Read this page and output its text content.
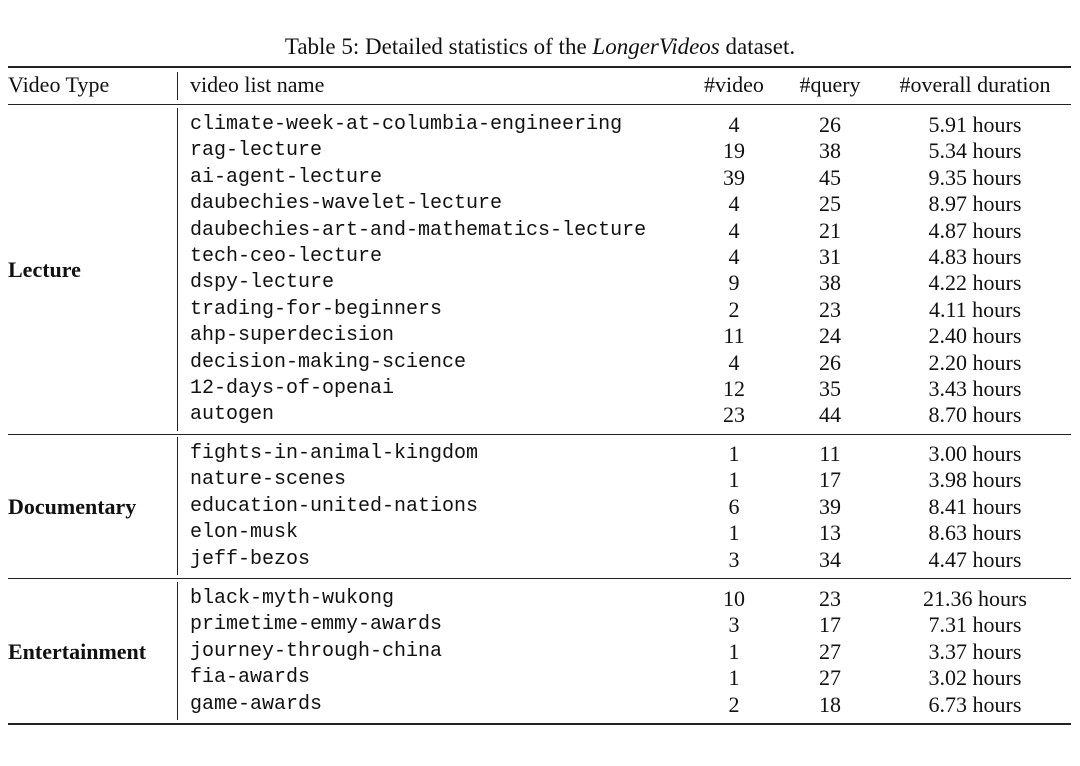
Table 5: Detailed statistics of the LongerVideos dataset.
Video Type	video list name	#video	#query	#overall duration
Lecture
climate-week-at-columbia-engineering	4	26	5.91 hours
rag-lecture	19	38	5.34 hours
ai-agent-lecture	39	45	9.35 hours
daubechies-wavelet-lecture	4	25	8.97 hours
daubechies-art-and-mathematics-lecture	4	21	4.87 hours
tech-ceo-lecture	4	31	4.83 hours
dspy-lecture	9	38	4.22 hours
trading-for-beginners	2	23	4.11 hours
ahp-superdecision	11	24	2.40 hours
decision-making-science	4	26	2.20 hours
12-days-of-openai	12	35	3.43 hours
autogen	23	44	8.70 hours
Documentary
fights-in-animal-kingdom	1	11	3.00 hours
nature-scenes	1	17	3.98 hours
education-united-nations	6	39	8.41 hours
elon-musk	1	13	8.63 hours
jeff-bezos	3	34	4.47 hours
Entertainment
black-myth-wukong	10	23	21.36 hours
primetime-emmy-awards	3	17	7.31 hours
journey-through-china	1	27	3.37 hours
fia-awards	1	27	3.02 hours
game-awards	2	18	6.73 hours
